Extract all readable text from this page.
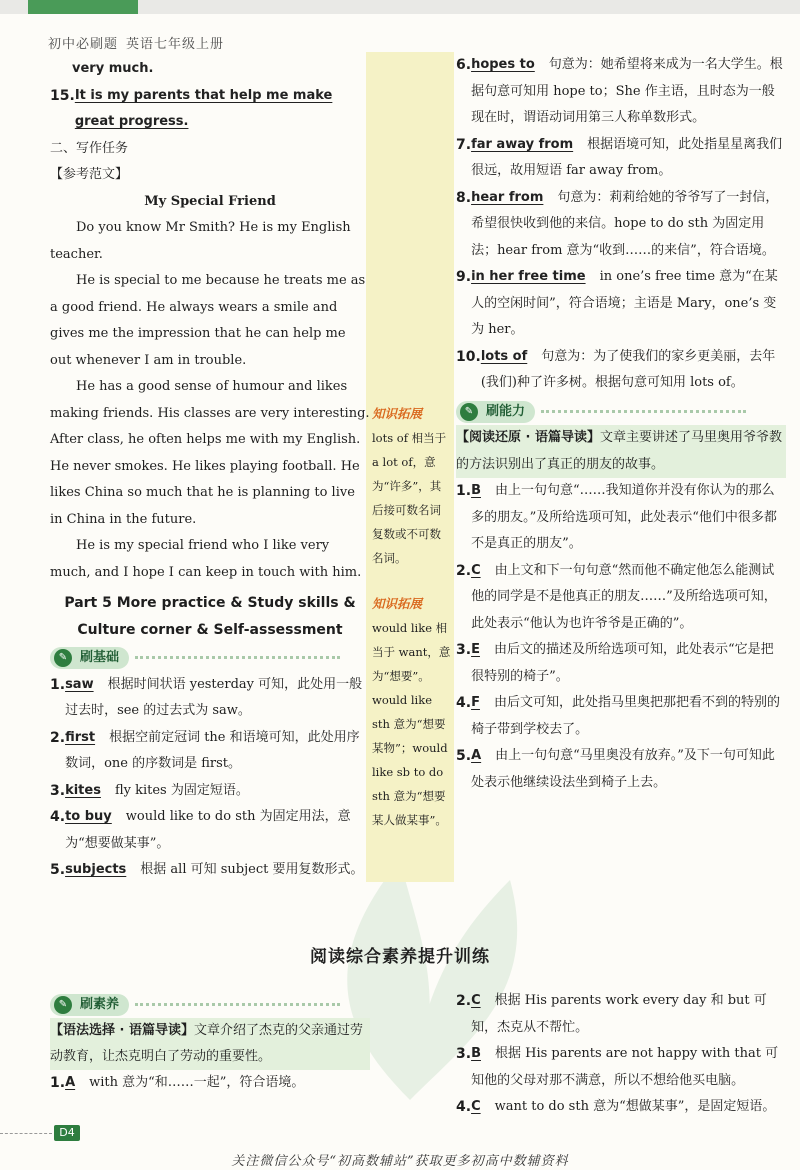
初中必刷题 英语七年级上册
very much.
15. It is my parents that help me make great progress.
二、写作任务
【参考范文】

My Special Friend

Do you know Mr Smith? He is my English teacher.

He is special to me because he treats me as a good friend. He always wears a smile and gives me the impression that he can help me out whenever I am in trouble.

He has a good sense of humour and likes making friends. His classes are very interesting. After class, he often helps me with my English. He never smokes. He likes playing football. He likes China so much that he is planning to live in China in the future.

He is my special friend who I like very much, and I hope I can keep in touch with him.

Part 5 More practice & Study skills &
Culture corner & Self-assessment
✎ 刷基础
1. saw 根据时间状语 yesterday 可知，此处用一般过去时，see 的过去式为 saw。
2. first 根据空前定冠词 the 和语境可知，此处用序数词，one 的序数词是 first。
3. kites fly kites 为固定短语。
4. to buy would like to do sth 为固定用法，意为“想要做某事”。
5. subjects 根据 all 可知 subject 要用复数形式。
知识拓展
lots of 相当于 a lot of，意为“许多”，其后接可数名词复数或不可数名词。
知识拓展
would like 相当于 want，意为“想要”。would like sth 意为“想要某物”；would like sb to do sth 意为“想要某人做某事”。
6. hopes to 句意为：她希望将来成为一名大学生。根据句意可知用 hope to；She 作主语，且时态为一般现在时，谓语动词用第三人称单数形式。
7. far away from 根据语境可知，此处指星星离我们很远，故用短语 far away from。
8. hear from 句意为：莉莉给她的爷爷写了一封信，希望很快收到他的来信。hope to do sth 为固定用法；hear from 意为“收到……的来信”，符合语境。
9. in her free time in one’s free time 意为“在某人的空闲时间”，符合语境；主语是 Mary，one’s 变为 her。
10. lots of 句意为：为了使我们的家乡更美丽，去年(我们)种了许多树。根据句意可知用 lots of。
✎ 刷能力
【阅读还原 · 语篇导读】文章主要讲述了马里奥用爷爷教的方法识别出了真正的朋友的故事。
1. B 由上一句句意“……我知道你并没有你认为的那么多的朋友。”及所给选项可知，此处表示“他们中很多都不是真正的朋友”。
2. C 由上文和下一句句意“然而他不确定他怎么能测试他的同学是不是他真正的朋友……”及所给选项可知，此处表示“他认为也许爷爷是正确的”。
3. E 由后文的描述及所给选项可知，此处表示“它是把很特别的椅子”。
4. F 由后文可知，此处指马里奥把那把看不到的特别的椅子带到学校去了。
5. A 由上一句句意“马里奥没有放弃。”及下一句可知此处表示他继续设法坐到椅子上去。
阅读综合素养提升训练
✎ 刷素养
【语法选择 · 语篇导读】文章介绍了杰克的父亲通过劳动教育，让杰克明白了劳动的重要性。
1. A with 意为“和……一起”，符合语境。
2. C 根据 His parents work every day 和 but 可知，杰克从不帮忙。
3. B 根据 His parents are not happy with that 可知他的父母对那不满意，所以不想给他买电脑。
4. C want to do sth 意为“想做某事”，是固定短语。
D4
关注微信公众号“初高数辅站”获取更多初高中数辅资料
